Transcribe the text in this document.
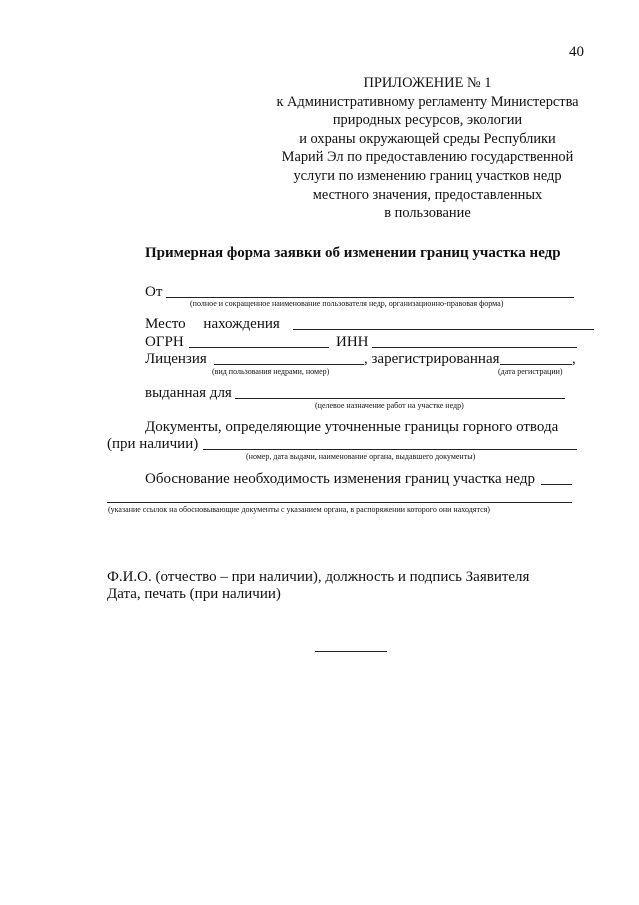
40
ПРИЛОЖЕНИЕ № 1
к Административному регламенту Министерства
природных ресурсов, экологии
и охраны окружающей среды Республики
Марий Эл по предоставлению государственной
услуги по изменению границ участков недр
местного значения, предоставленных
в пользование
Примерная форма заявки об изменении границ участка недр
От
(полное и сокращенное наименование пользователя недр, организационно-правовая форма)
Место нахождения
ОГРН	ИНН
Лицензия	, зарегистрированная	,
(вид пользования недрами, номер)	(дата регистрации)
выданная для
(целевое назначение работ на участке недр)
Документы, определяющие уточненные границы горного отвода
(при наличии)
(номер, дата выдачи, наименование органа, выдавшего документы)
Обоснование необходимость изменения границ участка недр
(указание ссылок на обосновывающие документы с указанием органа, в распоряжении которого они находятся)
Ф.И.О. (отчество – при наличии), должность и подпись Заявителя
Дата, печать (при наличии)
